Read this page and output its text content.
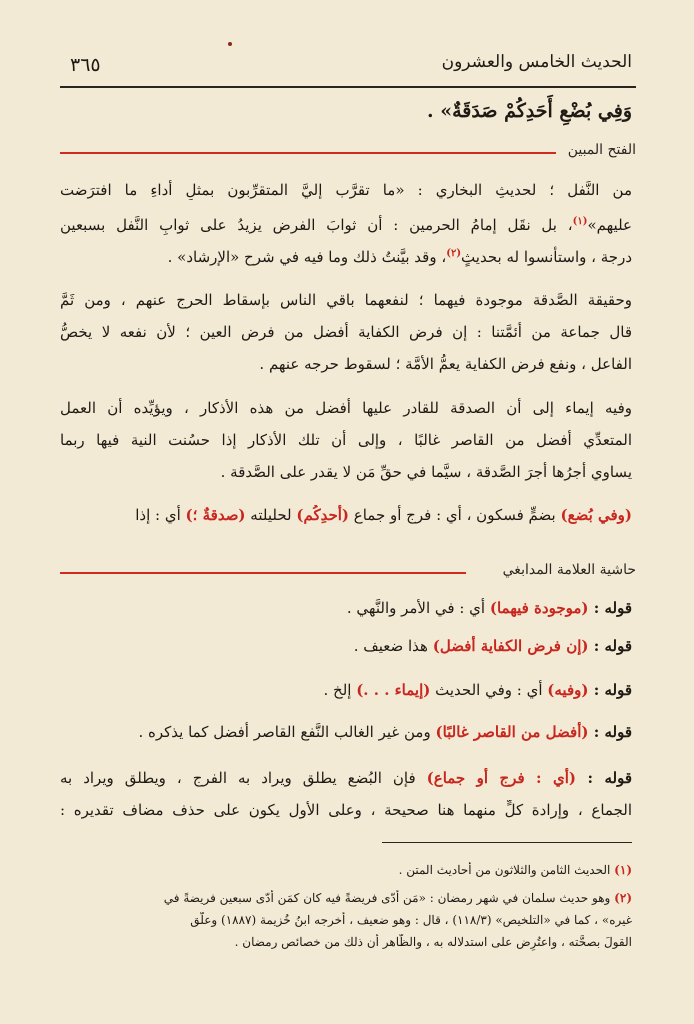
الحديث الخامس والعشرون
٣٦٥
وَفِي بُضْعِ أَحَدِكُمْ صَدَقَةٌ» .
الفتح المبين
من النَّفل ؛ لحديثِ البخاري : «ما تقرَّب إليَّ المتقرِّبون بمثلِ أداءِ ما افترَضت
عليهم»$^{(١)}$، بل نقَل إمامُ الحرمين : أن ثوابَ الفرضِ يزيدُ على ثوابِ النَّفل بسبعين
درجة ، واستأنسوا له بحديثٍ$^{(٢)}$، وقد بيَّنتُ ذلك وما فيه في شرح «الإرشاد» .
وحقيقة الصَّدقة موجودة فيهما ؛ لنفعهما باقي الناس بإسقاط الحرج عنهم ، ومن ثَمَّ
قال جماعة من أئمَّتنا : إن فرض الكفاية أفضل من فرض العين ؛ لأن نفعه لا يخصُّ
الفاعل ، ونفع فرض الكفاية يعمُّ الأمَّة ؛ لسقوط حرجه عنهم .
وفيه إيماء إلى أن الصدقة للقادر عليها أفضل من هذه الأذكار ، ويؤيِّده أن العمل
المتعدِّي أفضل من القاصر غالبًا ، وإلى أن تلك الأذكار إذا حسُنت النية فيها ربما
يساوي أجرُها أجرَ الصَّدقة ، سيَّما في حقِّ مَن لا يقدر على الصَّدقة .
(وفي بُضع) بضمٍّ فسكون ، أي : فرج أو جماع (أحدِكُم) لحليلته (صدقةٌ ؛) أي : إذا
حاشية العلامة المدابغي
قوله : (موجودة فيهما) أي : في الأمر والنَّهي .
قوله : (إن فرض الكفاية أفضل) هذا ضعيف .
قوله : (وفيه) أي : وفي الحديث (إيماء . . .) إلخ .
قوله : (أفضل من القاصر غالبًا) ومن غير الغالب النَّفع القاصر أفضل كما يذكره .
قوله : (أي : فرج أو جماع) فإن البُضع يطلق ويراد به الفرج ، ويطلق ويراد به
الجماع ، وإرادة كلٍّ منهما هنا صحيحة ، وعلى الأول يكون على حذف مضاف تقديره :
(١) الحديث الثامن والثلاثون من أحاديث المتن .
(٢) وهو حديث سلمان في شهر رمضان : «مَن أدّى فريضةً فيه كان كمَن أدّى سبعين فريضةً في
غيره» ، كما في «التلخيص» (١١٨/٣) ، قال : وهو ضعيف ، أخرجه ابنُ خُزيمة (١٨٨٧) وعلَّق
القولَ بصحَّته ، واعتُرِض على استدلاله به ، والظَّاهر أن ذلك من خصائص رمضان .
